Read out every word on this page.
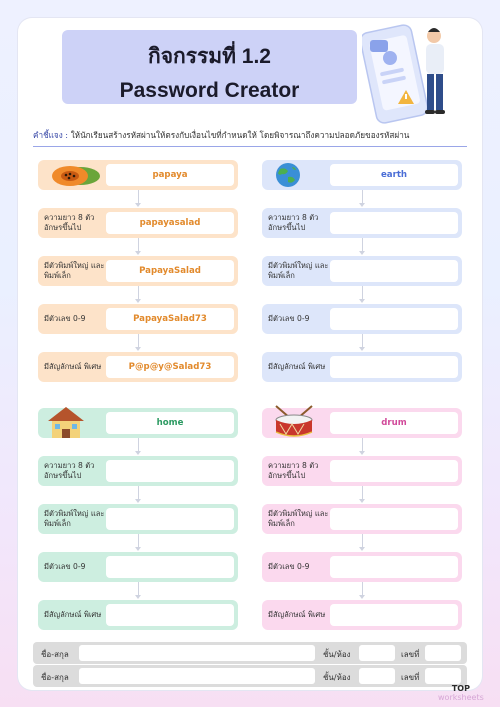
กิจกรรมที่ 1.2
Password Creator
คำชี้แจง : ให้นักเรียนสร้างรหัสผ่านให้ตรงกับเงื่อนไขที่กำหนดให้ โดยพิจารณาถึงความปลอดภัยของรหัสผ่าน
papaya
ความยาว 8 ตัว อักษรขึ้นไป	papayasalad
มีตัวพิมพ์ใหญ่ และพิมพ์เล็ก	PapayaSalad
มีตัวเลข 0-9	PapayaSalad73
มีสัญลักษณ์ พิเศษ	P@p@y@Salad73
earth
ความยาว 8 ตัว อักษรขึ้นไป
มีตัวพิมพ์ใหญ่ และพิมพ์เล็ก
มีตัวเลข 0-9
มีสัญลักษณ์ พิเศษ
home
ความยาว 8 ตัว อักษรขึ้นไป
มีตัวพิมพ์ใหญ่ และพิมพ์เล็ก
มีตัวเลข 0-9
มีสัญลักษณ์ พิเศษ
drum
ความยาว 8 ตัว อักษรขึ้นไป
มีตัวพิมพ์ใหญ่ และพิมพ์เล็ก
มีตัวเลข 0-9
มีสัญลักษณ์ พิเศษ
ชื่อ-สกุล	ชั้น/ห้อง	เลขที่
ชื่อ-สกุล	ชั้น/ห้อง	เลขที่
TOP
worksheets
